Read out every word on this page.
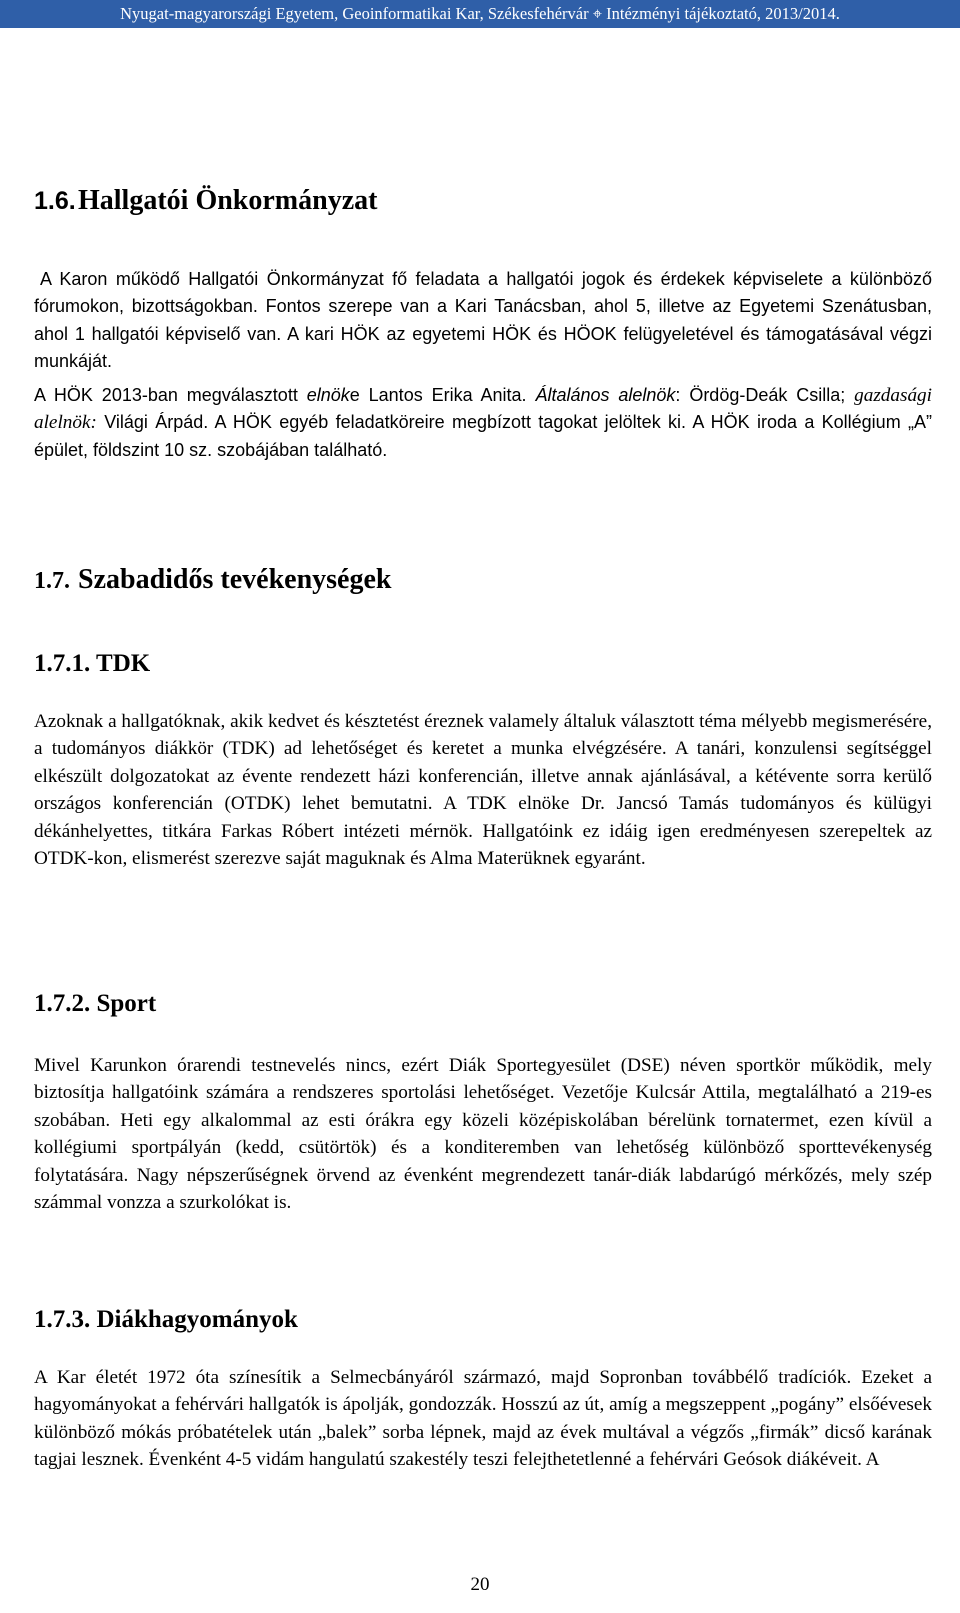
Nyugat-magyarországi Egyetem, Geoinformatikai Kar, Székesfehérvár ⌖ Intézményi tájékoztató, 2013/2014.
1.6.Hallgatói Önkormányzat

A Karon működő Hallgatói Önkormányzat fő feladata a hallgatói jogok és érdekek képviselete a különböző fórumokon, bizottságokban. Fontos szerepe van a Kari Tanácsban, ahol 5, illetve az Egyetemi Szenátusban, ahol 1 hallgatói képviselő van. A kari HÖK az egyetemi HÖK és HÖOK felügyeletével és támogatásával végzi munkáját.

A HÖK 2013-ban megválasztott elnöke Lantos Erika Anita. Általános alelnök: Ördög-Deák Csilla; gazdasági alelnök: Világi Árpád. A HÖK egyéb feladatköreire megbízott tagokat jelöltek ki. A HÖK iroda a Kollégium „A” épület, földszint 10 sz. szobájában található.

1.7. Szabadidős tevékenységek
1.7.1. TDK

Azoknak a hallgatóknak, akik kedvet és késztetést éreznek valamely általuk választott téma mélyebb megismerésére, a tudományos diákkör (TDK) ad lehetőséget és keretet a munka elvégzésére. A tanári, konzulensi segítséggel elkészült dolgozatokat az évente rendezett házi konferencián, illetve annak ajánlásával, a kétévente sorra kerülő országos konferencián (OTDK) lehet bemutatni. A TDK elnöke Dr. Jancsó Tamás tudományos és külügyi dékánhelyettes, titkára Farkas Róbert intézeti mérnök. Hallgatóink ez idáig igen eredményesen szerepeltek az OTDK-kon, elismerést szerezve saját maguknak és Alma Materüknek egyaránt.

1.7.2. Sport

Mivel Karunkon órarendi testnevelés nincs, ezért Diák Sportegyesület (DSE) néven sportkör működik, mely biztosítja hallgatóink számára a rendszeres sportolási lehetőséget. Vezetője Kulcsár Attila, megtalálható a 219-es szobában. Heti egy alkalommal az esti órákra egy közeli középiskolában bérelünk tornatermet, ezen kívül a kollégiumi sportpályán (kedd, csütörtök) és a konditeremben van lehetőség különböző sporttevékenység folytatására. Nagy népszerűségnek örvend az évenként megrendezett tanár-diák labdarúgó mérkőzés, mely szép számmal vonzza a szurkolókat is.

1.7.3. Diákhagyományok

A Kar életét 1972 óta színesítik a Selmecbányáról származó, majd Sopronban továbbélő tradíciók. Ezeket a hagyományokat a fehérvári hallgatók is ápolják, gondozzák. Hosszú az út, amíg a megszeppent „pogány” elsőévesek különböző mókás próbatételek után „balek” sorba lépnek, majd az évek multával a végzős „firmák” dicső karának tagjai lesznek. Évenként 4-5 vidám hangulatú szakestély teszi felejthetetlenné a fehérvári Geósok diákéveit. A

20
